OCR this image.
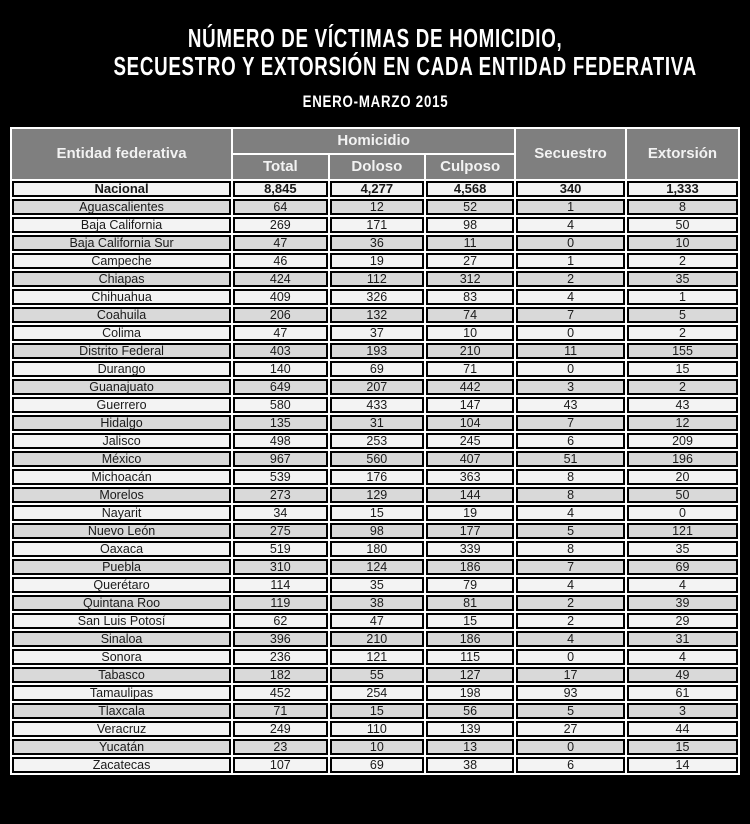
NÚMERO DE VÍCTIMAS DE HOMICIDIO,
SECUESTRO Y EXTORSIÓN EN CADA ENTIDAD FEDERATIVA
ENERO-MARZO 2015
Entidad federativa	Homicidio			Secuestro	Extorsión
	Total	Doloso	Culposo		
Nacional	8,845	4,277	4,568	340	1,333
Aguascalientes	64	12	52	1	8
Baja California	269	171	98	4	50
Baja California Sur	47	36	11	0	10
Campeche	46	19	27	1	2
Chiapas	424	112	312	2	35
Chihuahua	409	326	83	4	1
Coahuila	206	132	74	7	5
Colima	47	37	10	0	2
Distrito Federal	403	193	210	11	155
Durango	140	69	71	0	15
Guanajuato	649	207	442	3	2
Guerrero	580	433	147	43	43
Hidalgo	135	31	104	7	12
Jalisco	498	253	245	6	209
México	967	560	407	51	196
Michoacán	539	176	363	8	20
Morelos	273	129	144	8	50
Nayarit	34	15	19	4	0
Nuevo León	275	98	177	5	121
Oaxaca	519	180	339	8	35
Puebla	310	124	186	7	69
Querétaro	114	35	79	4	4
Quintana Roo	119	38	81	2	39
San Luis Potosí	62	47	15	2	29
Sinaloa	396	210	186	4	31
Sonora	236	121	115	0	4
Tabasco	182	55	127	17	49
Tamaulipas	452	254	198	93	61
Tlaxcala	71	15	56	5	3
Veracruz	249	110	139	27	44
Yucatán	23	10	13	0	15
Zacatecas	107	69	38	6	14
